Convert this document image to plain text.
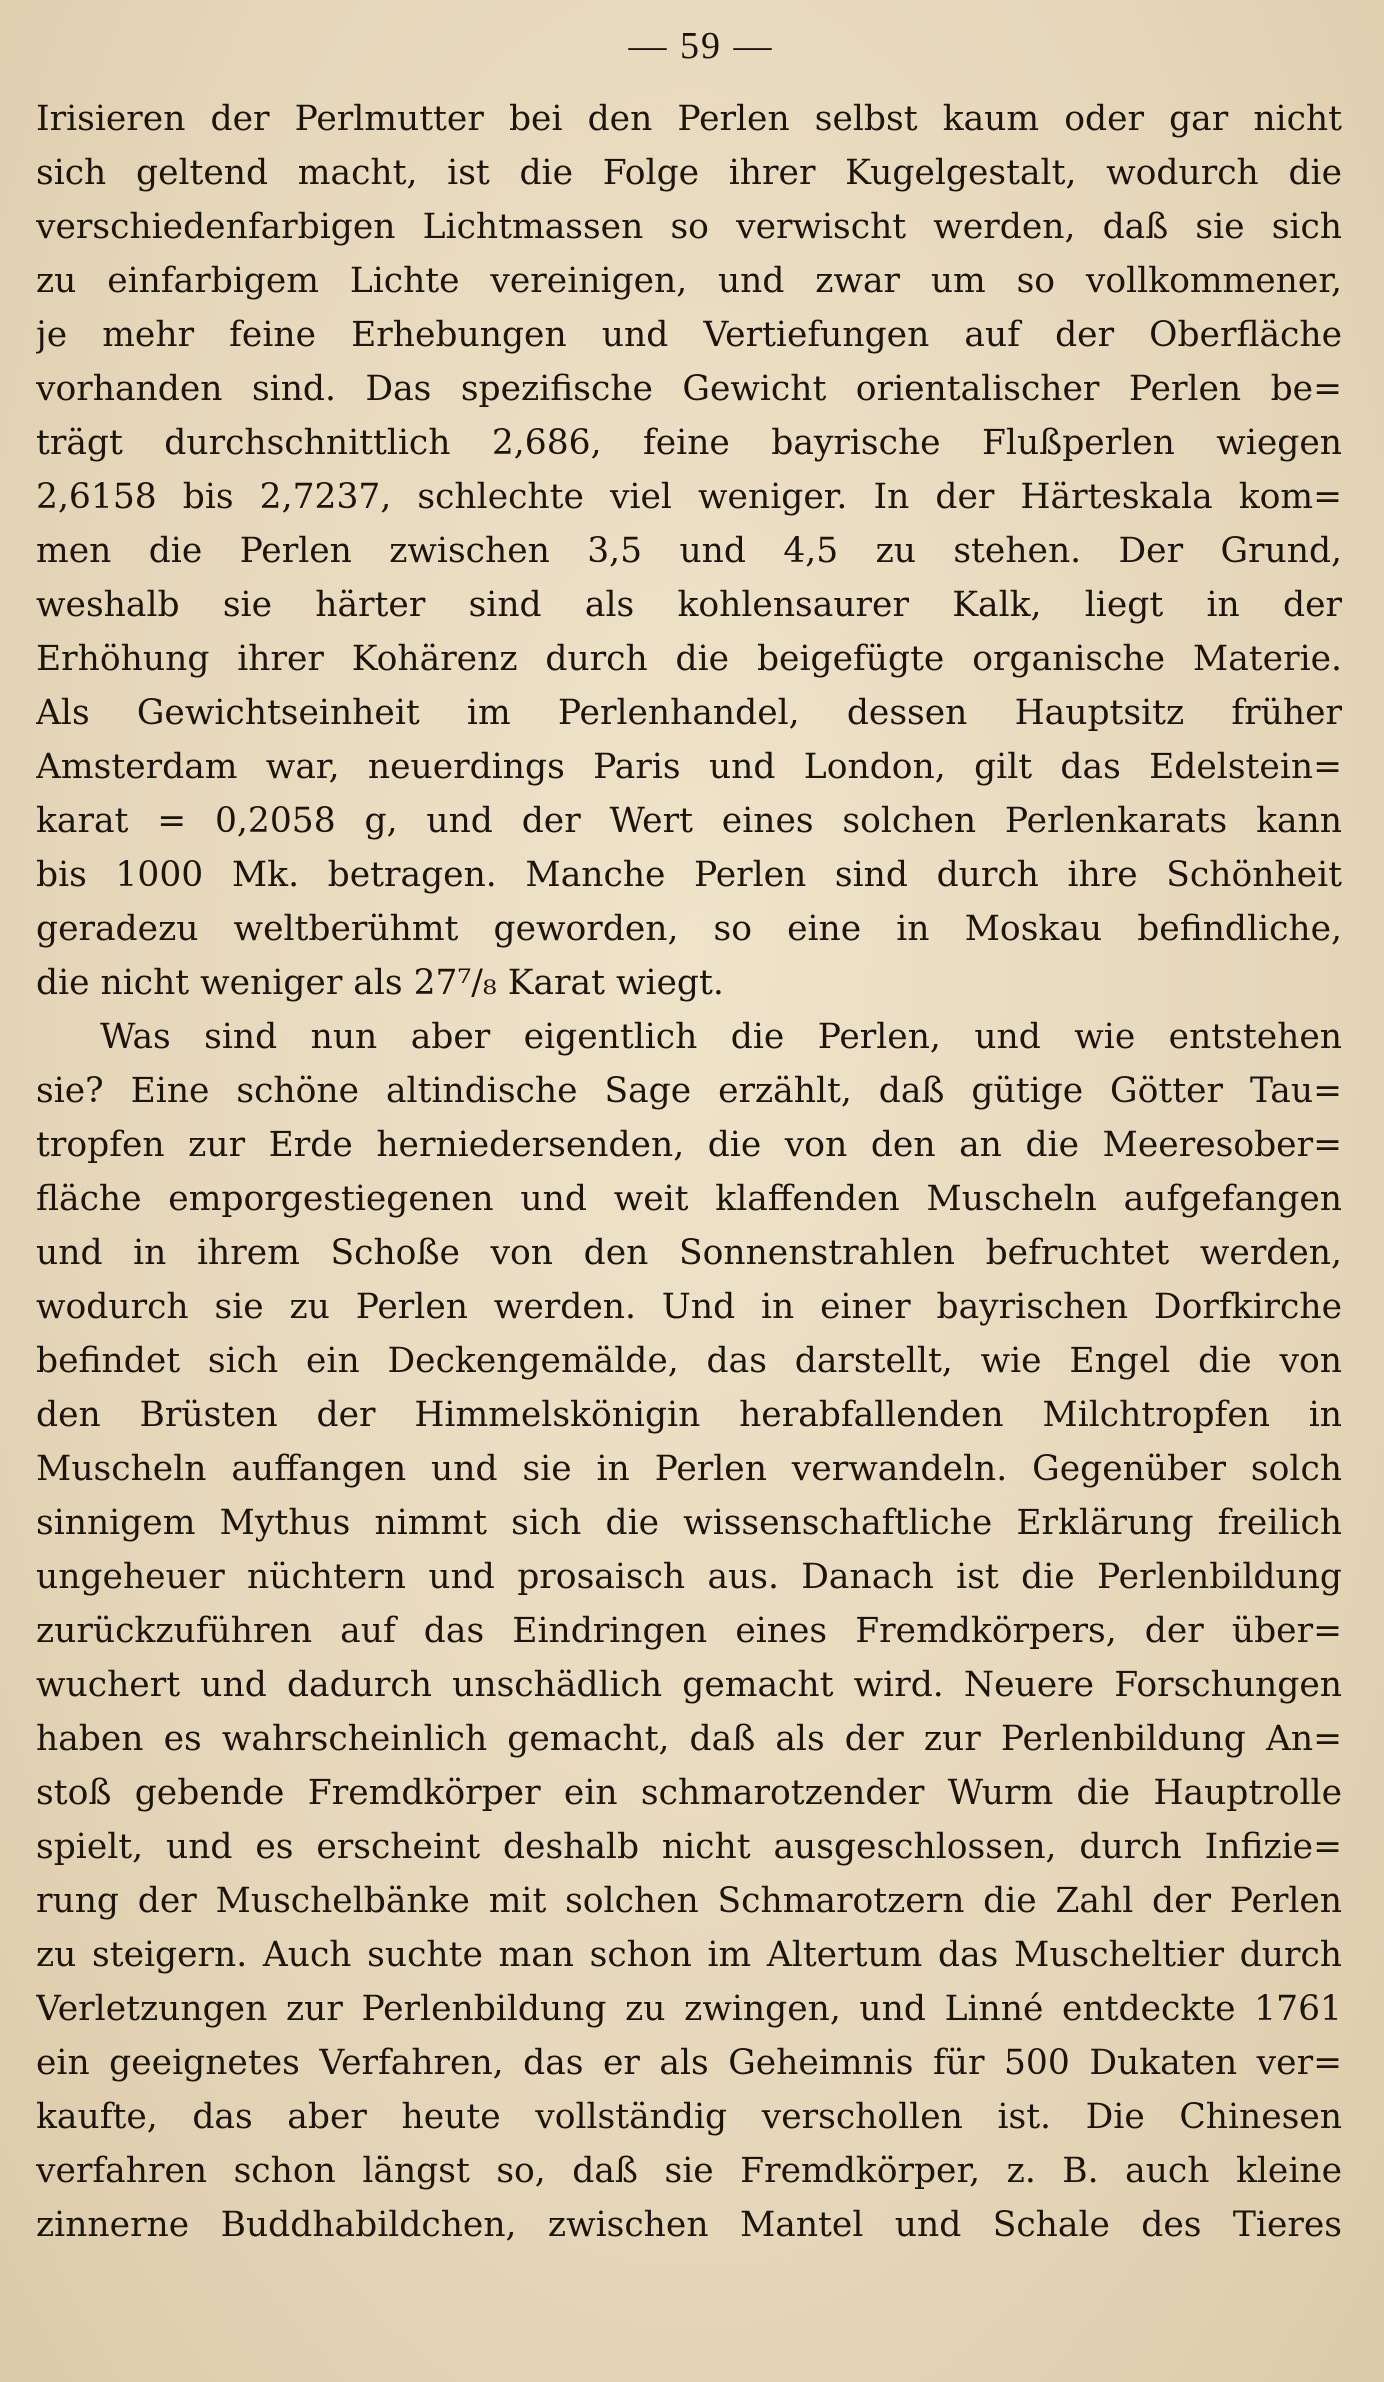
— 59 —
Irisieren der Perlmutter bei den Perlen selbst kaum oder gar nicht
sich geltend macht, ist die Folge ihrer Kugelgestalt, wodurch die
verschiedenfarbigen Lichtmassen so verwischt werden, daß sie sich
zu einfarbigem Lichte vereinigen, und zwar um so vollkommener,
je mehr feine Erhebungen und Vertiefungen auf der Oberfläche
vorhanden sind. Das spezifische Gewicht orientalischer Perlen be=
trägt durchschnittlich 2,686, feine bayrische Flußperlen wiegen
2,6158 bis 2,7237, schlechte viel weniger. In der Härteskala kom=
men die Perlen zwischen 3,5 und 4,5 zu stehen. Der Grund,
weshalb sie härter sind als kohlensaurer Kalk, liegt in der
Erhöhung ihrer Kohärenz durch die beigefügte organische Materie.
Als Gewichtseinheit im Perlenhandel, dessen Hauptsitz früher
Amsterdam war, neuerdings Paris und London, gilt das Edelstein=
karat = 0,2058 g, und der Wert eines solchen Perlenkarats kann
bis 1000 Mk. betragen. Manche Perlen sind durch ihre Schönheit
geradezu weltberühmt geworden, so eine in Moskau befindliche,
die nicht weniger als 27⁷/₈ Karat wiegt.
Was sind nun aber eigentlich die Perlen, und wie entstehen
sie? Eine schöne altindische Sage erzählt, daß gütige Götter Tau=
tropfen zur Erde herniedersenden, die von den an die Meeresober=
fläche emporgestiegenen und weit klaffenden Muscheln aufgefangen
und in ihrem Schoße von den Sonnenstrahlen befruchtet werden,
wodurch sie zu Perlen werden. Und in einer bayrischen Dorfkirche
befindet sich ein Deckengemälde, das darstellt, wie Engel die von
den Brüsten der Himmelskönigin herabfallenden Milchtropfen in
Muscheln auffangen und sie in Perlen verwandeln. Gegenüber solch
sinnigem Mythus nimmt sich die wissenschaftliche Erklärung freilich
ungeheuer nüchtern und prosaisch aus. Danach ist die Perlenbildung
zurückzuführen auf das Eindringen eines Fremdkörpers, der über=
wuchert und dadurch unschädlich gemacht wird. Neuere Forschungen
haben es wahrscheinlich gemacht, daß als der zur Perlenbildung An=
stoß gebende Fremdkörper ein schmarotzender Wurm die Hauptrolle
spielt, und es erscheint deshalb nicht ausgeschlossen, durch Infizie=
rung der Muschelbänke mit solchen Schmarotzern die Zahl der Perlen
zu steigern. Auch suchte man schon im Altertum das Muscheltier durch
Verletzungen zur Perlenbildung zu zwingen, und Linné entdeckte 1761
ein geeignetes Verfahren, das er als Geheimnis für 500 Dukaten ver=
kaufte, das aber heute vollständig verschollen ist. Die Chinesen
verfahren schon längst so, daß sie Fremdkörper, z. B. auch kleine
zinnerne Buddhabildchen, zwischen Mantel und Schale des Tieres
